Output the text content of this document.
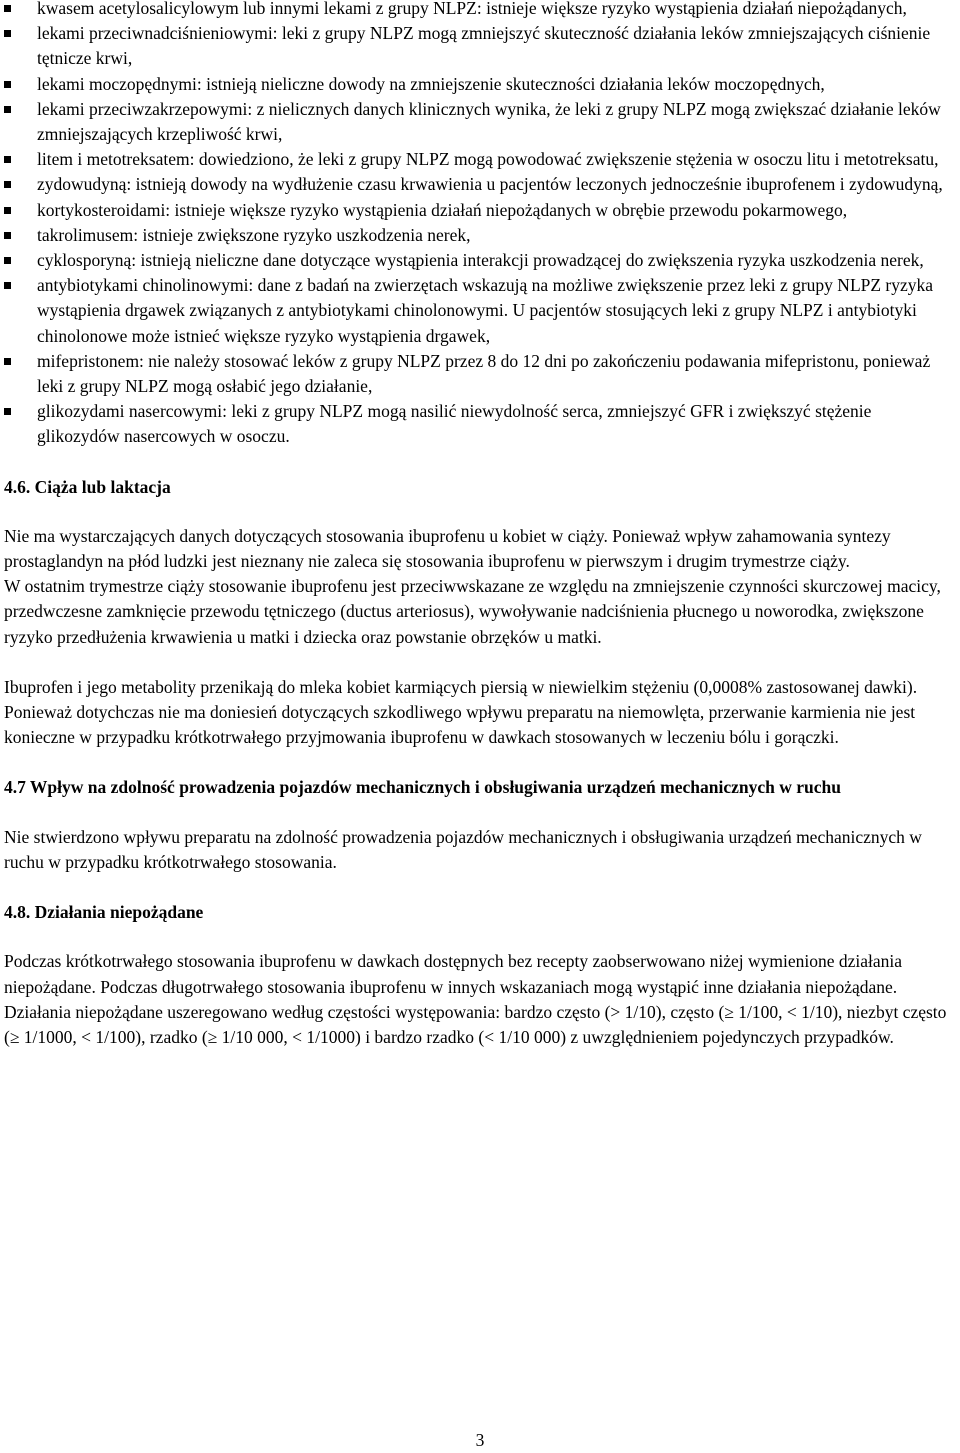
kwasem acetylosalicylowym lub innymi lekami z grupy NLPZ: istnieje większe ryzyko wystąpienia działań niepożądanych,
lekami przeciwnadciśnieniowymi: leki z grupy NLPZ mogą zmniejszyć skuteczność działania leków zmniejszających ciśnienie tętnicze krwi,
lekami moczopędnymi: istnieją nieliczne dowody na zmniejszenie skuteczności działania leków moczopędnych,
lekami przeciwzakrzepowymi: z nielicznych danych klinicznych wynika, że leki z grupy NLPZ mogą zwiększać działanie leków zmniejszających krzepliwość krwi,
litem i metotreksatem: dowiedziono, że leki z grupy NLPZ mogą powodować zwiększenie stężenia w osoczu litu i metotreksatu,
zydowudyną: istnieją dowody na wydłużenie czasu krwawienia u pacjentów leczonych jednocześnie ibuprofenem i zydowudyną,
kortykosteroidami: istnieje większe ryzyko wystąpienia działań niepożądanych w obrębie przewodu pokarmowego,
takrolimusem: istnieje zwiększone ryzyko uszkodzenia nerek,
cyklosporyną: istnieją nieliczne dane dotyczące wystąpienia interakcji prowadzącej do zwiększenia ryzyka uszkodzenia nerek,
antybiotykami chinolinowymi: dane z badań na zwierzętach wskazują na możliwe zwiększenie przez leki z grupy NLPZ ryzyka wystąpienia drgawek związanych z antybiotykami chinolonowymi. U pacjentów stosujących leki z grupy NLPZ i antybiotyki chinolonowe może istnieć większe ryzyko wystąpienia drgawek,
mifepristonem: nie należy stosować leków z grupy NLPZ przez 8 do 12 dni po zakończeniu podawania mifepristonu, ponieważ leki z grupy NLPZ mogą osłabić jego działanie,
glikozydami nasercowymi: leki z grupy NLPZ mogą nasilić niewydolność serca, zmniejszyć GFR i zwiększyć stężenie glikozydów nasercowych w osoczu.
4.6. Ciąża lub laktacja

Nie ma wystarczających danych dotyczących stosowania ibuprofenu u kobiet w ciąży. Ponieważ wpływ zahamowania syntezy prostaglandyn na płód ludzki jest nieznany nie zaleca się stosowania ibuprofenu w pierwszym i drugim trymestrze ciąży.

W ostatnim trymestrze ciąży stosowanie ibuprofenu jest przeciwwskazane ze względu na zmniejszenie czynności skurczowej macicy, przedwczesne zamknięcie przewodu tętniczego (ductus arteriosus), wywoływanie nadciśnienia płucnego u noworodka, zwiększone ryzyko przedłużenia krwawienia u matki i dziecka oraz powstanie obrzęków u matki.

Ibuprofen i jego metabolity przenikają do mleka kobiet karmiących piersią w niewielkim stężeniu (0,0008% zastosowanej dawki). Ponieważ dotychczas nie ma doniesień dotyczących szkodliwego wpływu preparatu na niemowlęta, przerwanie karmienia nie jest konieczne w przypadku krótkotrwałego przyjmowania ibuprofenu w dawkach stosowanych w leczeniu bólu i gorączki.

4.7 Wpływ na zdolność prowadzenia pojazdów mechanicznych i obsługiwania urządzeń mechanicznych w ruchu

Nie stwierdzono wpływu preparatu na zdolność prowadzenia pojazdów mechanicznych i obsługiwania urządzeń mechanicznych w ruchu w przypadku krótkotrwałego stosowania.

4.8. Działania niepożądane

Podczas krótkotrwałego stosowania ibuprofenu w dawkach dostępnych bez recepty zaobserwowano niżej wymienione działania niepożądane. Podczas długotrwałego stosowania ibuprofenu w innych wskazaniach mogą wystąpić inne działania niepożądane.

Działania niepożądane uszeregowano według częstości występowania: bardzo często (> 1/10), często (≥ 1/100, < 1/10), niezbyt często (≥ 1/1000, < 1/100), rzadko (≥ 1/10 000, < 1/1000) i bardzo rzadko (< 1/10 000) z uwzględnieniem pojedynczych przypadków.

3
